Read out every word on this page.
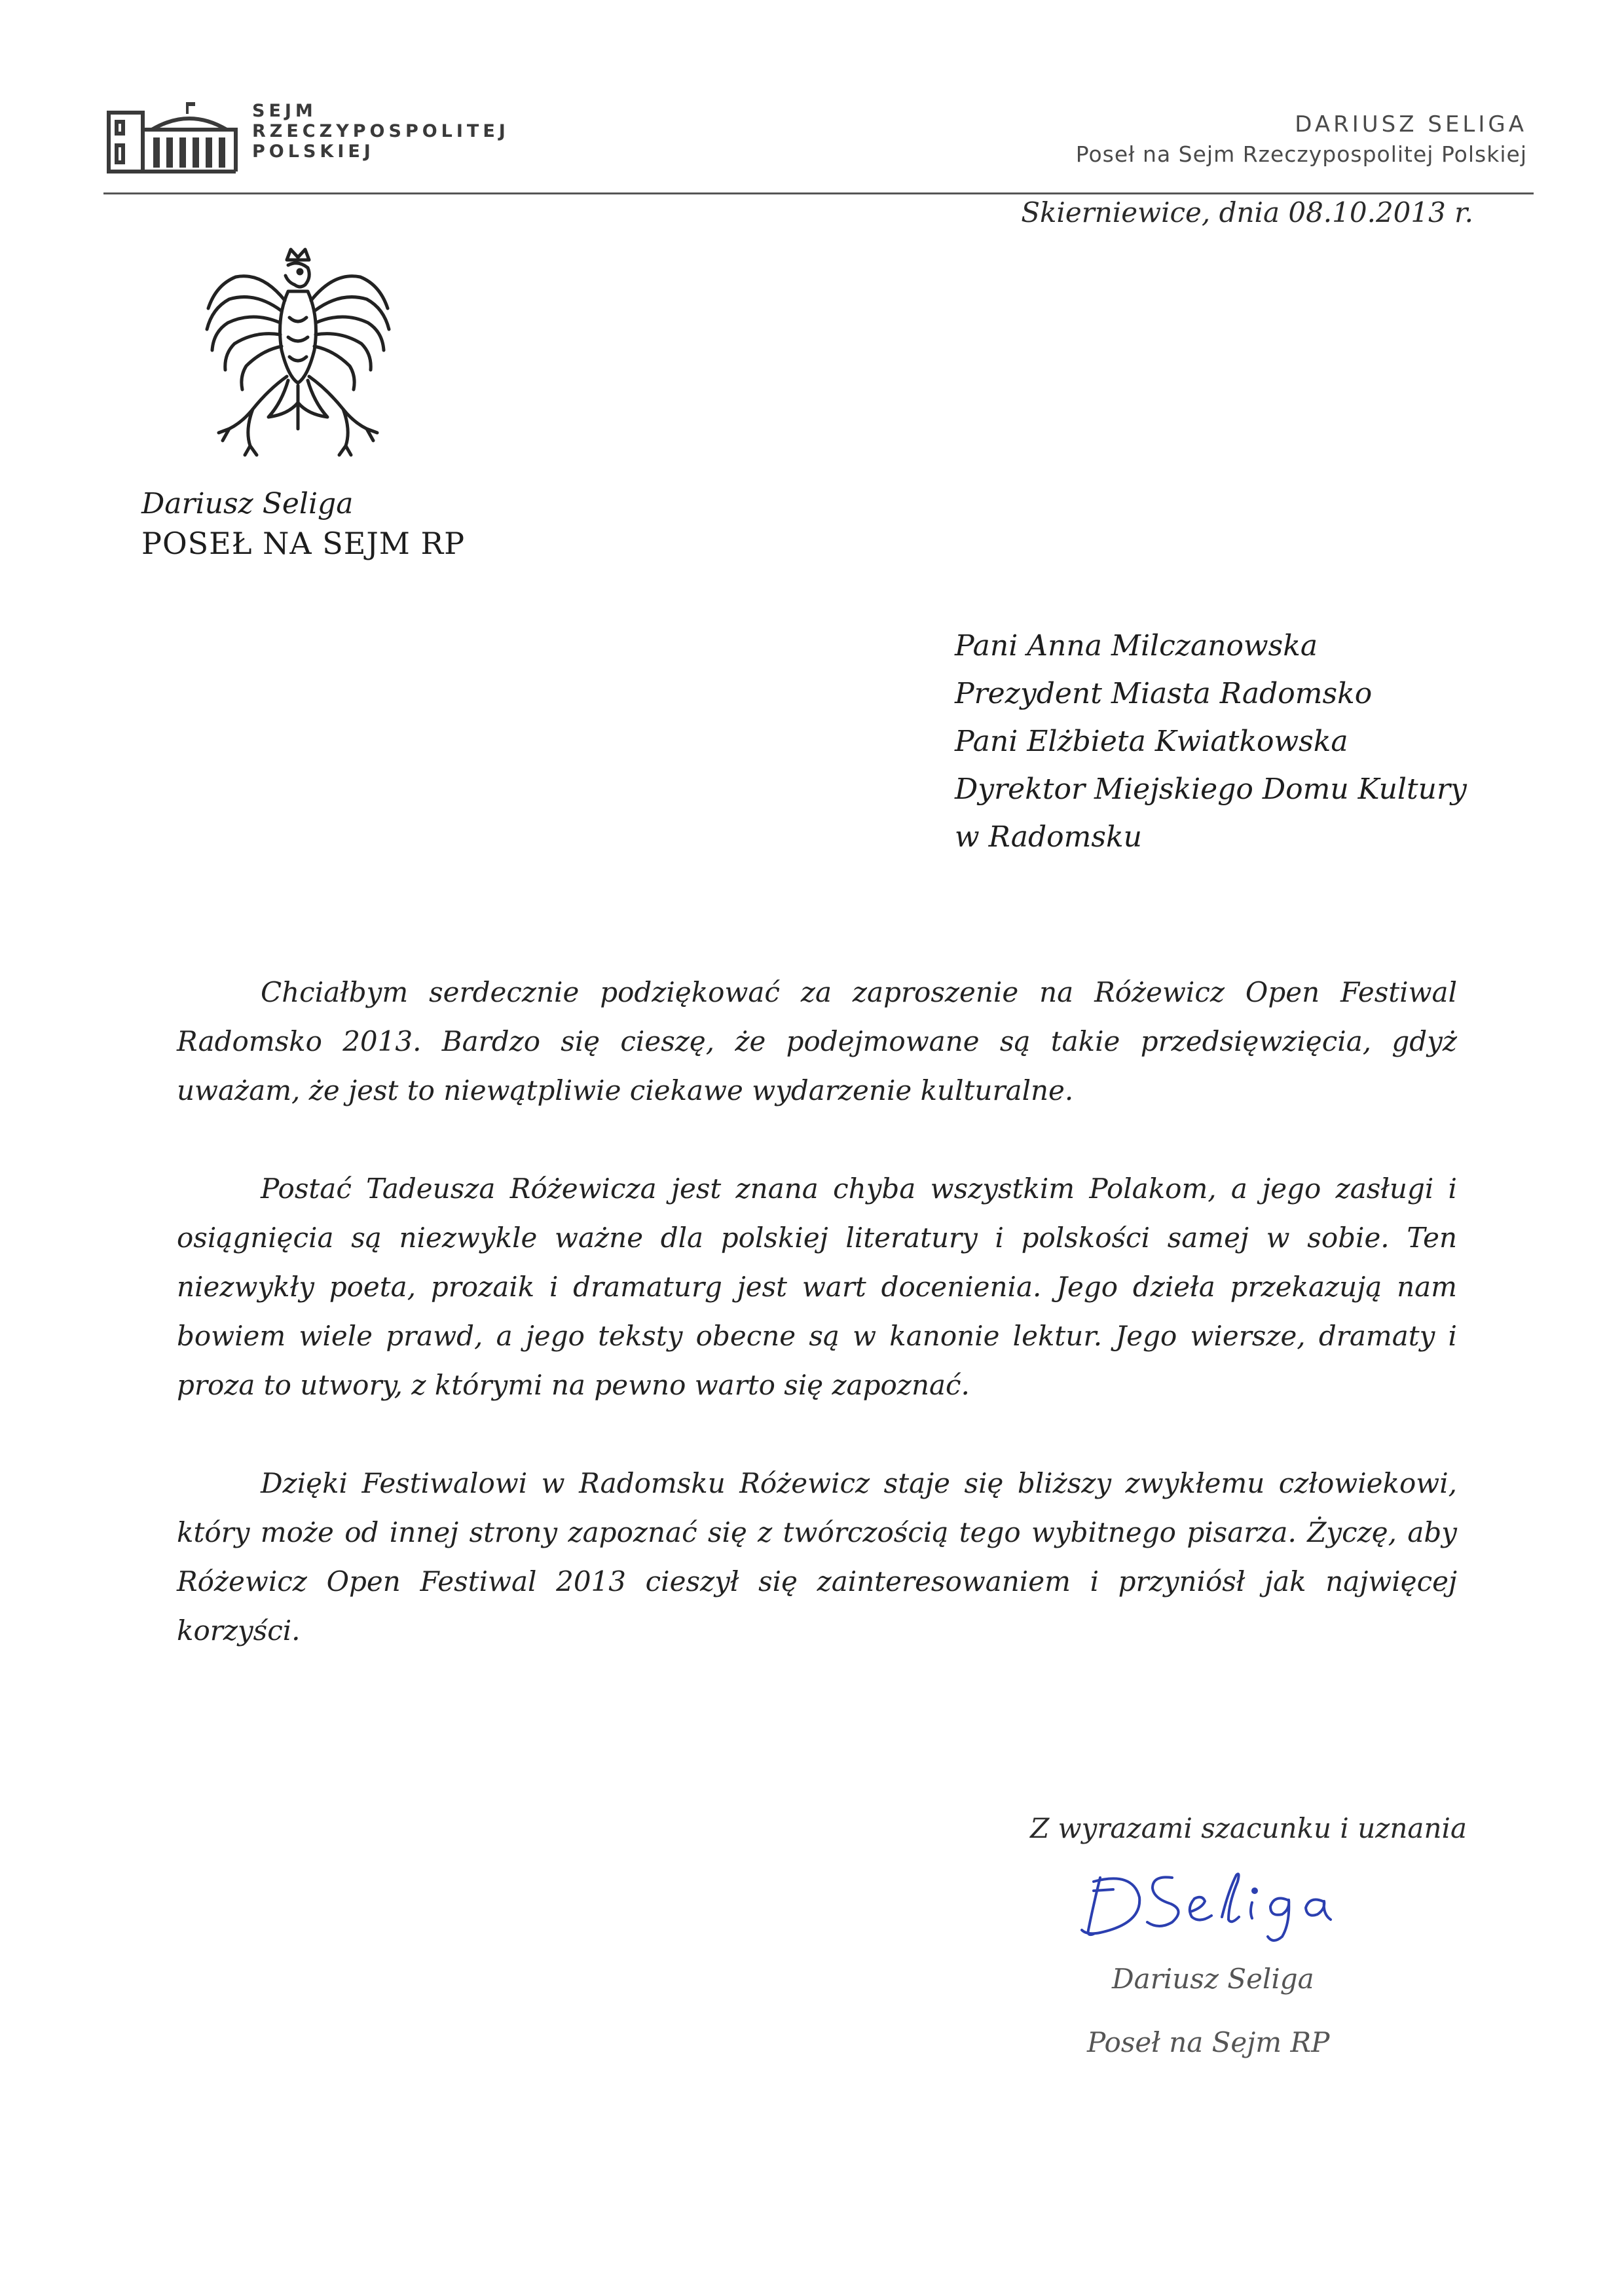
SEJM
RZECZYPOSPOLITEJ
POLSKIEJ
DARIUSZ SELIGA
Poseł na Sejm Rzeczypospolitej Polskiej
Skierniewice, dnia 08.10.2013 r.
Dariusz Seliga
POSEŁ NA SEJM RP
Pani Anna Milczanowska
Prezydent Miasta Radomsko
Pani Elżbieta Kwiatkowska
Dyrektor Miejskiego Domu Kultury
w Radomsku
Chciałbym serdecznie podziękować za zaproszenie na Różewicz Open Festiwal Radomsko 2013. Bardzo się cieszę, że podejmowane są takie przedsięwzięcia, gdyż uważam, że jest to niewątpliwie ciekawe wydarzenie kulturalne.
Postać Tadeusza Różewicza jest znana chyba wszystkim Polakom, a jego zasługi i osiągnięcia są niezwykle ważne dla polskiej literatury i polskości samej w sobie. Ten niezwykły poeta, prozaik i dramaturg jest wart docenienia. Jego dzieła przekazują nam bowiem wiele prawd, a jego teksty obecne są w kanonie lektur. Jego wiersze, dramaty i proza to utwory, z którymi na pewno warto się zapoznać.
Dzięki Festiwalowi w Radomsku Różewicz staje się bliższy zwykłemu człowiekowi, który może od innej strony zapoznać się z twórczością tego wybitnego pisarza. Życzę, aby Różewicz Open Festiwal 2013 cieszył się zainteresowaniem i przyniósł jak najwięcej korzyści.
Z wyrazami szacunku i uznania
Dariusz Seliga
Poseł na Sejm RP
